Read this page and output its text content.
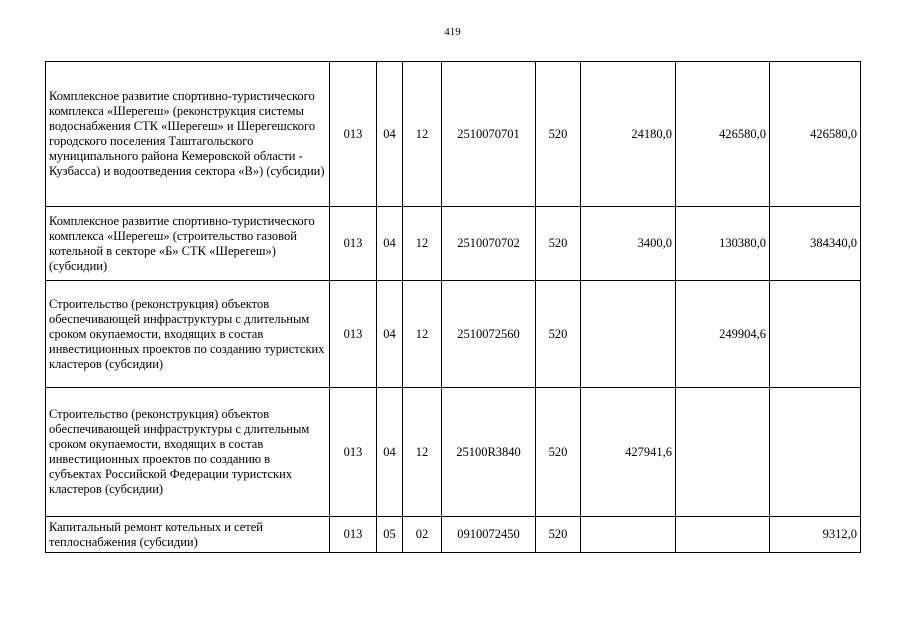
419
Комплексное развитие спортивно-туристического комплекса «Шерегеш» (реконструкция системы водоснабжения СТК «Шерегеш» и Шерегешского городского поселения Таштагольского муниципального района Кемеровской области - Кузбасса) и водоотведения сектора «В») (субсидии)	013	04	12	2510070701	520	24180,0	426580,0	426580,0
Комплексное развитие спортивно-туристического комплекса «Шерегеш» (строительство газовой котельной в секторе «Б» СТК «Шерегеш») (субсидии)	013	04	12	2510070702	520	3400,0	130380,0	384340,0
Строительство (реконструкция) объектов обеспечивающей инфраструктуры с длительным сроком окупаемости, входящих в состав инвестиционных проектов по созданию туристских кластеров (субсидии)	013	04	12	2510072560	520		249904,6	
Строительство (реконструкция) объектов обеспечивающей инфраструктуры с длительным сроком окупаемости, входящих в состав инвестиционных проектов по созданию в субъектах Российской Федерации туристских кластеров (субсидии)	013	04	12	25100R3840	520	427941,6		
Капитальный ремонт котельных и сетей теплоснабжения (субсидии)	013	05	02	0910072450	520			9312,0
